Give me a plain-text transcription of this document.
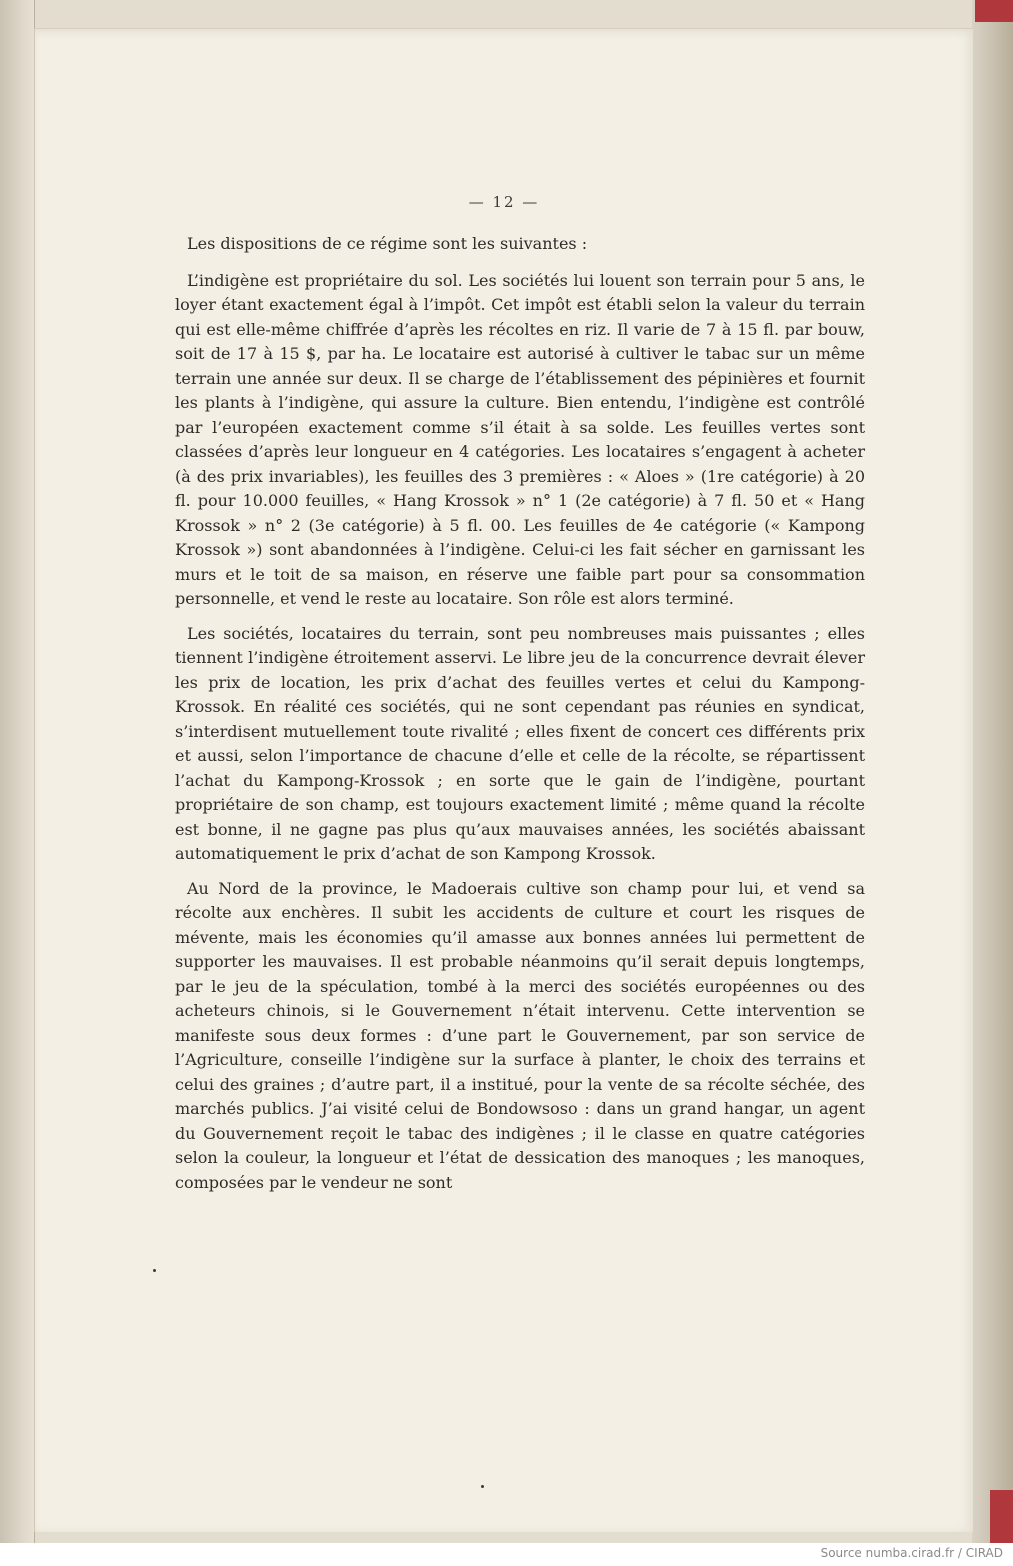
— 12 —

Les dispositions de ce régime sont les suivantes :

L’indigène est propriétaire du sol. Les sociétés lui louent son terrain pour 5 ans, le loyer étant exactement égal à l’impôt. Cet impôt est établi selon la valeur du terrain qui est elle-même chiffrée d’après les récoltes en riz. Il varie de 7 à 15 fl. par bouw, soit de 17 à 15 $, par ha. Le locataire est autorisé à cultiver le tabac sur un même terrain une année sur deux. Il se charge de l’établissement des pépinières et fournit les plants à l’indigène, qui assure la culture. Bien entendu, l’indigène est contrôlé par l’européen exactement comme s’il était à sa solde. Les feuilles vertes sont classées d’après leur longueur en 4 catégories. Les locataires s’engagent à acheter (à des prix invariables), les feuilles des 3 premières : « Aloes » (1re catégorie) à 20 fl. pour 10.000 feuilles, « Hang Krossok » n° 1 (2e catégorie) à 7 fl. 50 et « Hang Krossok » n° 2 (3e catégorie) à 5 fl. 00. Les feuilles de 4e catégorie (« Kampong Krossok ») sont abandonnées à l’indigène. Celui-ci les fait sécher en garnissant les murs et le toit de sa maison, en réserve une faible part pour sa consommation personnelle, et vend le reste au locataire. Son rôle est alors terminé.

Les sociétés, locataires du terrain, sont peu nombreuses mais puissantes ; elles tiennent l’indigène étroitement asservi. Le libre jeu de la concurrence devrait élever les prix de location, les prix d’achat des feuilles vertes et celui du Kampong-Krossok. En réalité ces sociétés, qui ne sont cependant pas réunies en syndicat, s’interdisent mutuellement toute rivalité ; elles fixent de concert ces différents prix et aussi, selon l’importance de chacune d’elle et celle de la récolte, se répartissent l’achat du Kampong-Krossok ; en sorte que le gain de l’indigène, pourtant propriétaire de son champ, est toujours exactement limité ; même quand la récolte est bonne, il ne gagne pas plus qu’aux mauvaises années, les sociétés abaissant automatiquement le prix d’achat de son Kampong Krossok.

Au Nord de la province, le Madoerais cultive son champ pour lui, et vend sa récolte aux enchères. Il subit les accidents de culture et court les risques de mévente, mais les économies qu’il amasse aux bonnes années lui permettent de supporter les mauvaises. Il est probable néanmoins qu’il serait depuis longtemps, par le jeu de la spéculation, tombé à la merci des sociétés européennes ou des acheteurs chinois, si le Gouvernement n’était intervenu. Cette intervention se manifeste sous deux formes : d’une part le Gouvernement, par son service de l’Agriculture, conseille l’indigène sur la surface à planter, le choix des terrains et celui des graines ; d’autre part, il a institué, pour la vente de sa récolte séchée, des marchés publics. J’ai visité celui de Bondowsoso : dans un grand hangar, un agent du Gouvernement reçoit le tabac des indigènes ; il le classe en quatre catégories selon la couleur, la longueur et l’état de dessication des manoques ; les manoques, composées par le vendeur ne sont

Source numba.cirad.fr / CIRAD
